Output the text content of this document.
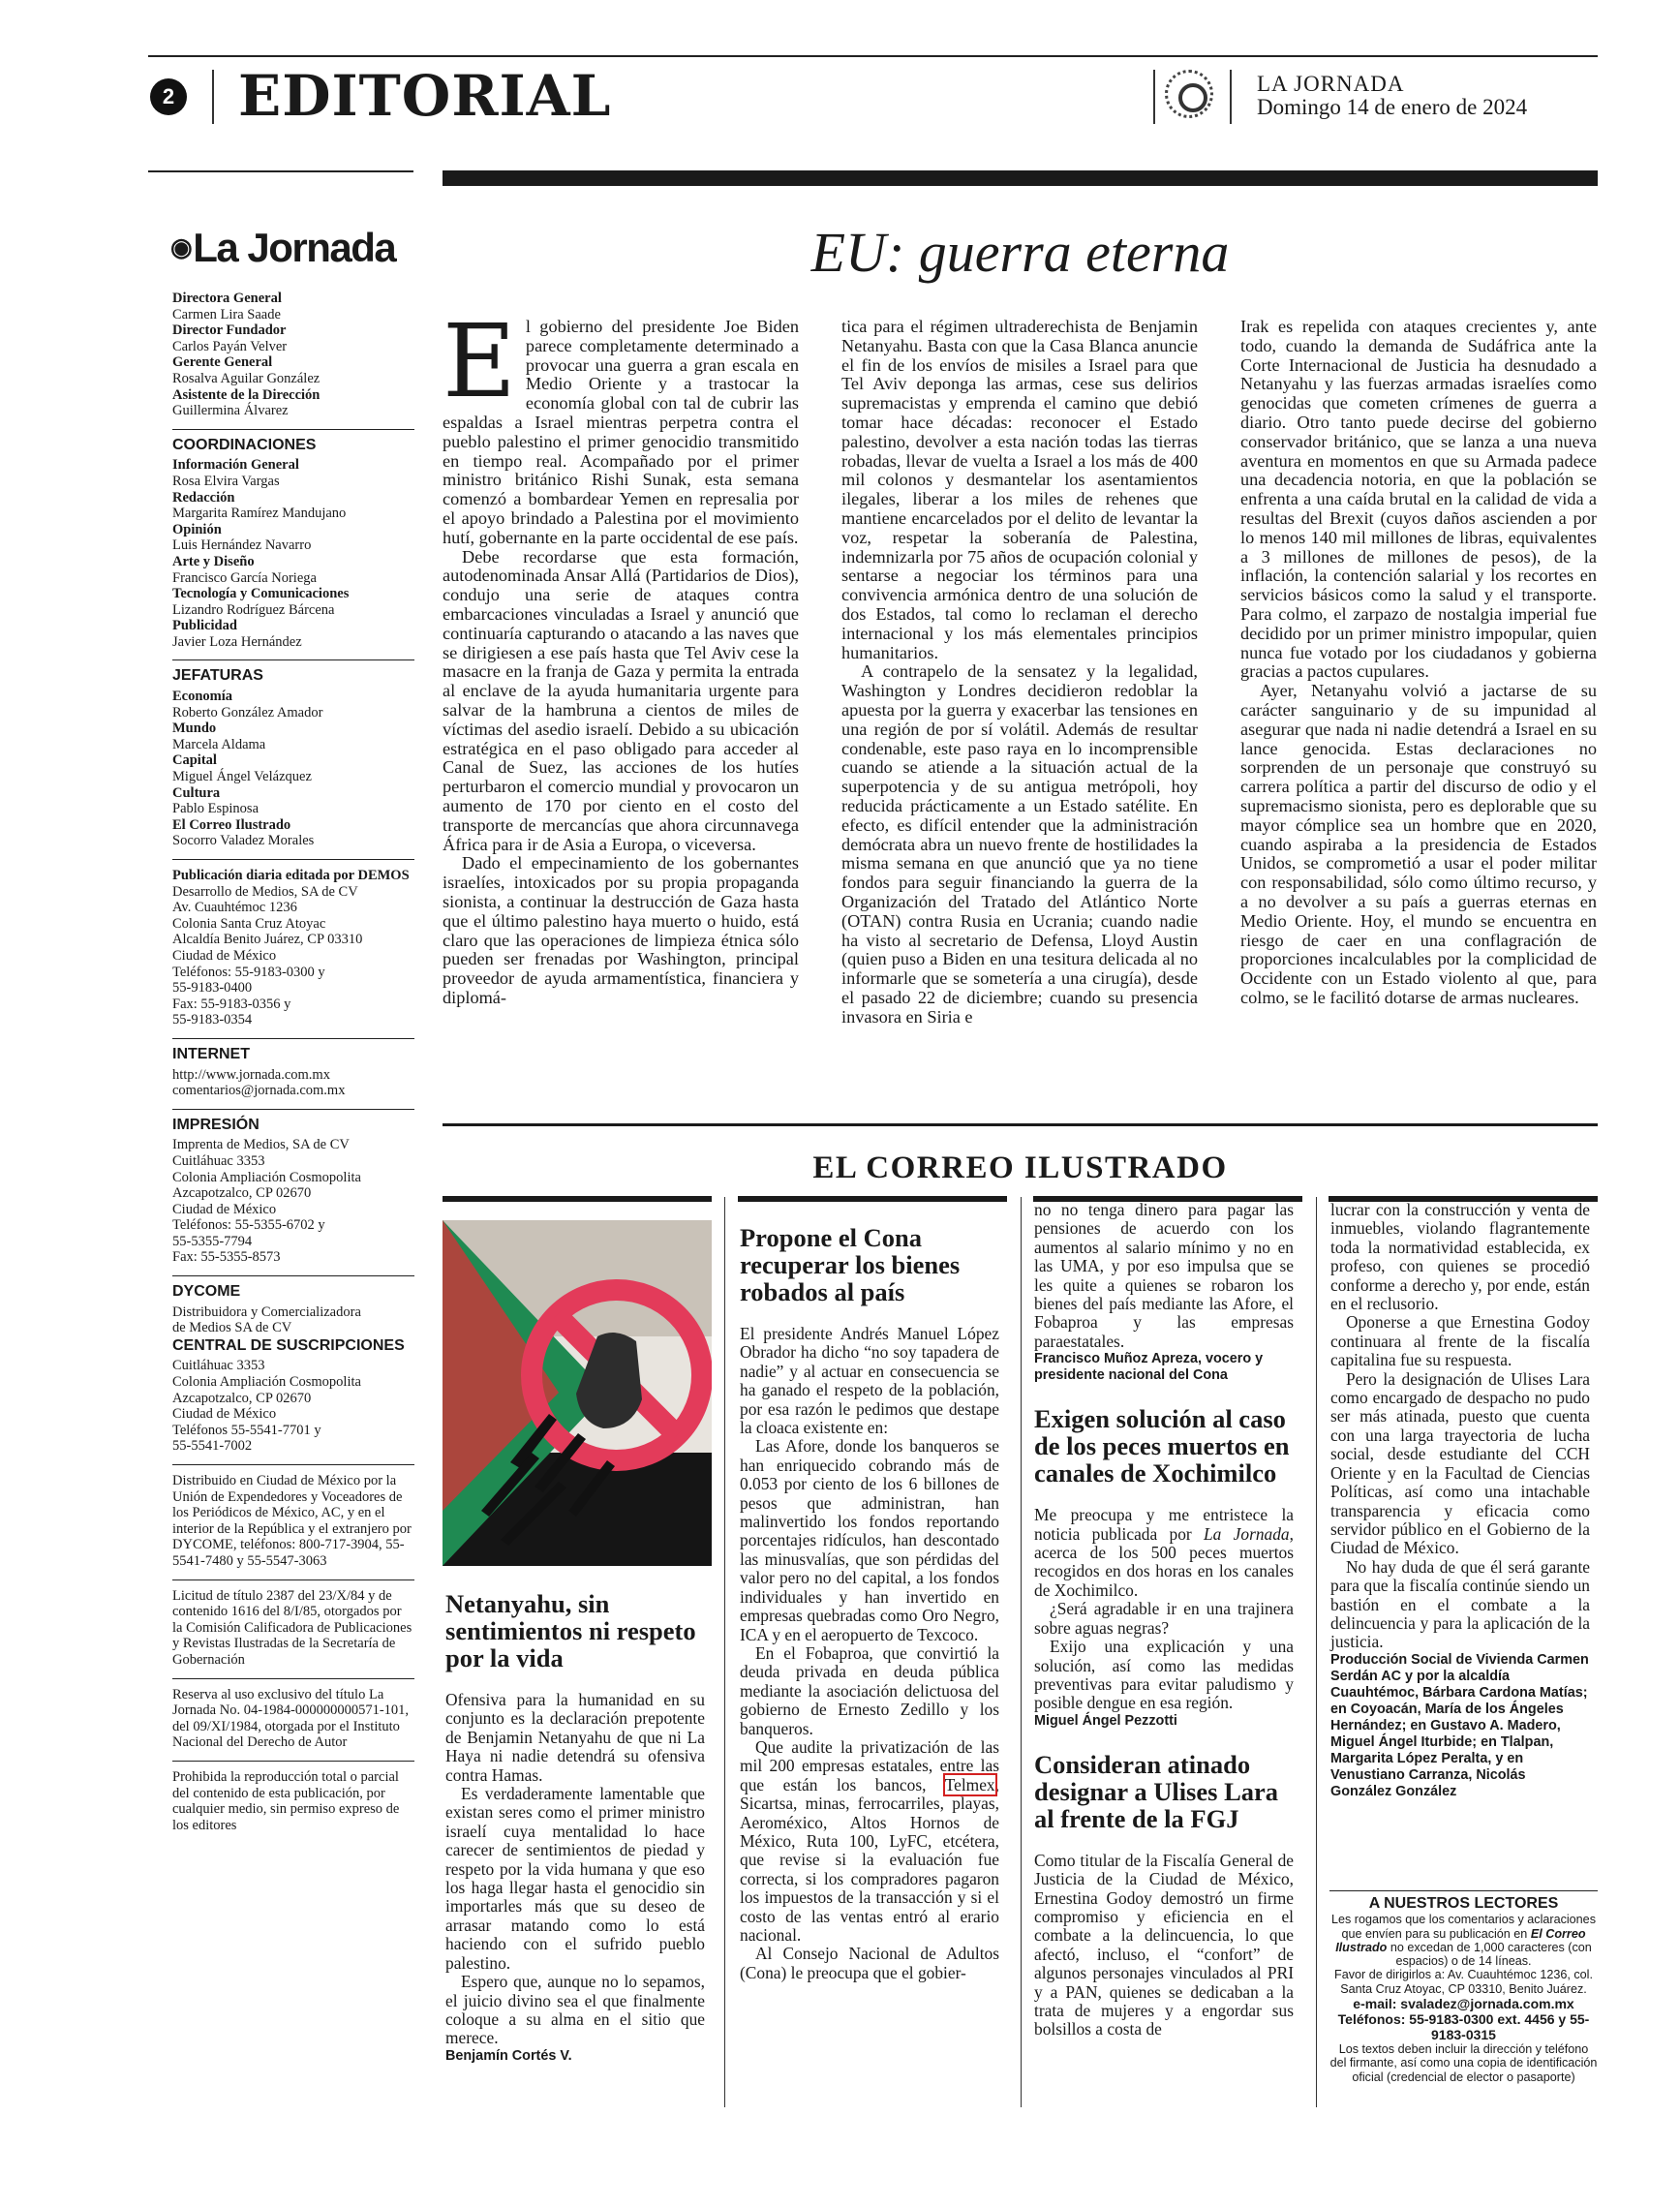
2 EDITORIAL	LA JORNADA
Domingo 14 de enero de 2024
◉La Jornada

Directora General

Carmen Lira Saade

Director Fundador

Carlos Payán Velver

Gerente General

Rosalva Aguilar González

Asistente de la Dirección

Guillermina Álvarez

COORDINACIONES

Información General

Rosa Elvira Vargas

Redacción

Margarita Ramírez Mandujano

Opinión

Luis Hernández Navarro

Arte y Diseño

Francisco García Noriega

Tecnología y Comunicaciones

Lizandro Rodríguez Bárcena

Publicidad

Javier Loza Hernández

JEFATURAS

Economía

Roberto González Amador

Mundo

Marcela Aldama

Capital

Miguel Ángel Velázquez

Cultura

Pablo Espinosa

El Correo Ilustrado

Socorro Valadez Morales

Publicación diaria editada por DEMOS

Desarrollo de Medios, SA de CV
Av. Cuauhtémoc 1236
Colonia Santa Cruz Atoyac
Alcaldía Benito Juárez, CP 03310
Ciudad de México
Teléfonos: 55-9183-0300 y
55-9183-0400
Fax: 55-9183-0356 y
55-9183-0354

INTERNET

http://www.jornada.com.mx
comentarios@jornada.com.mx

IMPRESIÓN

Imprenta de Medios, SA de CV
Cuitláhuac 3353
Colonia Ampliación Cosmopolita
Azcapotzalco, CP 02670
Ciudad de México
Teléfonos: 55-5355-6702 y
55-5355-7794
Fax: 55-5355-8573

DYCOME

Distribuidora y Comercializadora
de Medios SA de CV

CENTRAL DE SUSCRIPCIONES

Cuitláhuac 3353
Colonia Ampliación Cosmopolita
Azcapotzalco, CP 02670
Ciudad de México
Teléfonos 55-5541-7701 y
55-5541-7002

Distribuido en Ciudad de México por la Unión de Expendedores y Voceadores de los Periódicos de México, AC, y en el interior de la República y el extranjero por DYCOME, teléfonos: 800-717-3904, 55-5541-7480 y 55-5547-3063

Licitud de título 2387 del 23/X/84 y de contenido 1616 del 8/I/85, otorgados por la Comisión Calificadora de Publicaciones y Revistas Ilustradas de la Secretaría de Gobernación

Reserva al uso exclusivo del título La Jornada No. 04-1984-000000000571-101, del 09/XI/1984, otorgada por el Instituto Nacional del Derecho de Autor

Prohibida la reproducción total o parcial del contenido de esta publicación, por cualquier medio, sin permiso expreso de los editores

EU: guerra eterna

El gobierno del presidente Joe Biden parece completamente determinado a provocar una guerra a gran escala en Medio Oriente y a trastocar la economía global con tal de cubrir las espaldas a Israel mientras perpetra contra el pueblo palestino el primer genocidio transmitido en tiempo real. Acompañado por el primer ministro británico Rishi Sunak, esta semana comenzó a bombardear Yemen en represalia por el apoyo brindado a Palestina por el movimiento hutí, gobernante en la parte occidental de ese país.

Debe recordarse que esta formación, autodenominada Ansar Allá (Partidarios de Dios), condujo una serie de ataques contra embarcaciones vinculadas a Israel y anunció que continuaría capturando o atacando a las naves que se dirigiesen a ese país hasta que Tel Aviv cese la masacre en la franja de Gaza y permita la entrada al enclave de la ayuda humanitaria urgente para salvar de la hambruna a cientos de miles de víctimas del asedio israelí. Debido a su ubicación estratégica en el paso obligado para acceder al Canal de Suez, las acciones de los hutíes perturbaron el comercio mundial y provocaron un aumento de 170 por ciento en el costo del transporte de mercancías que ahora circunnavega África para ir de Asia a Europa, o viceversa.

Dado el empecinamiento de los gobernantes israelíes, intoxicados por su propia propaganda sionista, a continuar la destrucción de Gaza hasta que el último palestino haya muerto o huido, está claro que las operaciones de limpieza étnica sólo pueden ser frenadas por Washington, principal proveedor de ayuda armamentística, financiera y diplomá-

tica para el régimen ultraderechista de Benjamin Netanyahu. Basta con que la Casa Blanca anuncie el fin de los envíos de misiles a Israel para que Tel Aviv deponga las armas, cese sus delirios supremacistas y emprenda el camino que debió tomar hace décadas: reconocer el Estado palestino, devolver a esta nación todas las tierras robadas, llevar de vuelta a Israel a los más de 400 mil colonos y desmantelar los asentamientos ilegales, liberar a los miles de rehenes que mantiene encarcelados por el delito de levantar la voz, respetar la soberanía de Palestina, indemnizarla por 75 años de ocupación colonial y sentarse a negociar los términos para una convivencia armónica dentro de una solución de dos Estados, tal como lo reclaman el derecho internacional y los más elementales principios humanitarios.

A contrapelo de la sensatez y la legalidad, Washington y Londres decidieron redoblar la apuesta por la guerra y exacerbar las tensiones en una región de por sí volátil. Además de resultar condenable, este paso raya en lo incomprensible cuando se atiende a la situación actual de la superpotencia y de su antigua metrópoli, hoy reducida prácticamente a un Estado satélite. En efecto, es difícil entender que la administración demócrata abra un nuevo frente de hostilidades la misma semana en que anunció que ya no tiene fondos para seguir financiando la guerra de la Organización del Tratado del Atlántico Norte (OTAN) contra Rusia en Ucrania; cuando nadie ha visto al secretario de Defensa, Lloyd Austin (quien puso a Biden en una tesitura delicada al no informarle que se sometería a una cirugía), desde el pasado 22 de diciembre; cuando su presencia invasora en Siria e

Irak es repelida con ataques crecientes y, ante todo, cuando la demanda de Sudáfrica ante la Corte Internacional de Justicia ha desnudado a Netanyahu y las fuerzas armadas israelíes como genocidas que cometen crímenes de guerra a diario. Otro tanto puede decirse del gobierno conservador británico, que se lanza a una nueva aventura en momentos en que su Armada padece una decadencia notoria, en que la población se enfrenta a una caída brutal en la calidad de vida a resultas del Brexit (cuyos daños ascienden a por lo menos 140 mil millones de libras, equivalentes a 3 millones de millones de pesos), de la inflación, la contención salarial y los recortes en servicios básicos como la salud y el transporte. Para colmo, el zarpazo de nostalgia imperial fue decidido por un primer ministro impopular, quien nunca fue votado por los ciudadanos y gobierna gracias a pactos cupulares.

Ayer, Netanyahu volvió a jactarse de su carácter sanguinario y de su impunidad al asegurar que nada ni nadie detendrá a Israel en su lance genocida. Estas declaraciones no sorprenden de un personaje que construyó su carrera política a partir del discurso de odio y el supremacismo sionista, pero es deplorable que su mayor cómplice sea un hombre que en 2020, cuando aspiraba a la presidencia de Estados Unidos, se comprometió a usar el poder militar con responsabilidad, sólo como último recurso, y a no devolver a su país a guerras eternas en Medio Oriente. Hoy, el mundo se encuentra en riesgo de caer en una conflagración de proporciones incalculables por la complicidad de Occidente con un Estado violento al que, para colmo, se le facilitó dotarse de armas nucleares.

EL CORREO ILUSTRADO
Netanyahu, sin sentimientos ni respeto por la vida

Ofensiva para la humanidad en su conjunto es la declaración prepotente de Benjamin Netanyahu de que ni La Haya ni nadie detendrá su ofensiva contra Hamas.

Es verdaderamente lamentable que existan seres como el primer ministro israelí cuya mentalidad lo hace carecer de sentimientos de piedad y respeto por la vida humana y que eso los haga llegar hasta el genocidio sin importarles más que su deseo de arrasar matando como lo está haciendo con el sufrido pueblo palestino.

Espero que, aunque no lo sepamos, el juicio divino sea el que finalmente coloque a su alma en el sitio que merece.

Benjamín Cortés V.

Propone el Cona recuperar los bienes robados al país

El presidente Andrés Manuel López Obrador ha dicho “no soy tapadera de nadie” y al actuar en consecuencia se ha ganado el respeto de la población, por esa razón le pedimos que destape la cloaca existente en:

Las Afore, donde los banqueros se han enriquecido cobrando más de 0.053 por ciento de los 6 billones de pesos que administran, han malinvertido los fondos reportando porcentajes ridículos, han descontado las minusvalías, que son pérdidas del valor pero no del capital, a los fondos individuales y han invertido en empresas quebradas como Oro Negro, ICA y en el aeropuerto de Texcoco.

En el Fobaproa, que convirtió la deuda privada en deuda pública mediante la asociación delictuosa del gobierno de Ernesto Zedillo y los banqueros.

Que audite la privatización de las mil 200 empresas estatales, entre las que están los bancos, Telmex, Sicartsa, minas, ferrocarriles, playas, Aeroméxico, Altos Hornos de México, Ruta 100, LyFC, etcétera, que revise si la evaluación fue correcta, si los compradores pagaron los impuestos de la transacción y si el costo de las ventas entró al erario nacional.

Al Consejo Nacional de Adultos (Cona) le preocupa que el gobier-

no no tenga dinero para pagar las pensiones de acuerdo con los aumentos al salario mínimo y no en las UMA, y por eso impulsa que se les quite a quienes se robaron los bienes del país mediante las Afore, el Fobaproa y las empresas paraestatales.

Francisco Muñoz Apreza, vocero y presidente nacional del Cona

Exigen solución al caso de los peces muertos en canales de Xochimilco

Me preocupa y me entristece la noticia publicada por La Jornada, acerca de los 500 peces muertos recogidos en dos horas en los canales de Xochimilco.

¿Será agradable ir en una trajinera sobre aguas negras?

Exijo una explicación y una solución, así como las medidas preventivas para evitar paludismo y posible dengue en esa región.

Miguel Ángel Pezzotti

Consideran atinado designar a Ulises Lara al frente de la FGJ

Como titular de la Fiscalía General de Justicia de la Ciudad de México, Ernestina Godoy demostró un firme compromiso y eficiencia en el combate a la delincuencia, lo que afectó, incluso, el “confort” de algunos personajes vinculados al PRI y a PAN, quienes se dedicaban a la trata de mujeres y a engordar sus bolsillos a costa de

lucrar con la construcción y venta de inmuebles, violando flagrantemente toda la normatividad establecida, ex profeso, con quienes se procedió conforme a derecho y, por ende, están en el reclusorio.

Oponerse a que Ernestina Godoy continuara al frente de la fiscalía capitalina fue su respuesta.

Pero la designación de Ulises Lara como encargado de despacho no pudo ser más atinada, puesto que cuenta con una larga trayectoria de lucha social, desde estudiante del CCH Oriente y en la Facultad de Ciencias Políticas, así como una intachable transparencia y eficacia como servidor público en el Gobierno de la Ciudad de México.

No hay duda de que él será garante para que la fiscalía continúe siendo un bastión en el combate a la delincuencia y para la aplicación de la justicia.

Producción Social de Vivienda Carmen Serdán AC y por la alcaldía Cuauhtémoc, Bárbara Cardona Matías; en Coyoacán, María de los Ángeles Hernández; en Gustavo A. Madero, Miguel Ángel Iturbide; en Tlalpan, Margarita López Peralta, y en Venustiano Carranza, Nicolás González González

A NUESTROS LECTORES

Les rogamos que los comentarios y aclaraciones que envíen para su publicación en El Correo Ilustrado no excedan de 1,000 caracteres (con espacios) o de 14 líneas.

Favor de dirigirlos a: Av. Cuauhtémoc 1236, col. Santa Cruz Atoyac, CP 03310, Benito Juárez.

e-mail: svaladez@jornada.com.mx

Teléfonos: 55-9183-0300 ext. 4456 y 55-9183-0315

Los textos deben incluir la dirección y teléfono del firmante, así como una copia de identificación oficial (credencial de elector o pasaporte)
